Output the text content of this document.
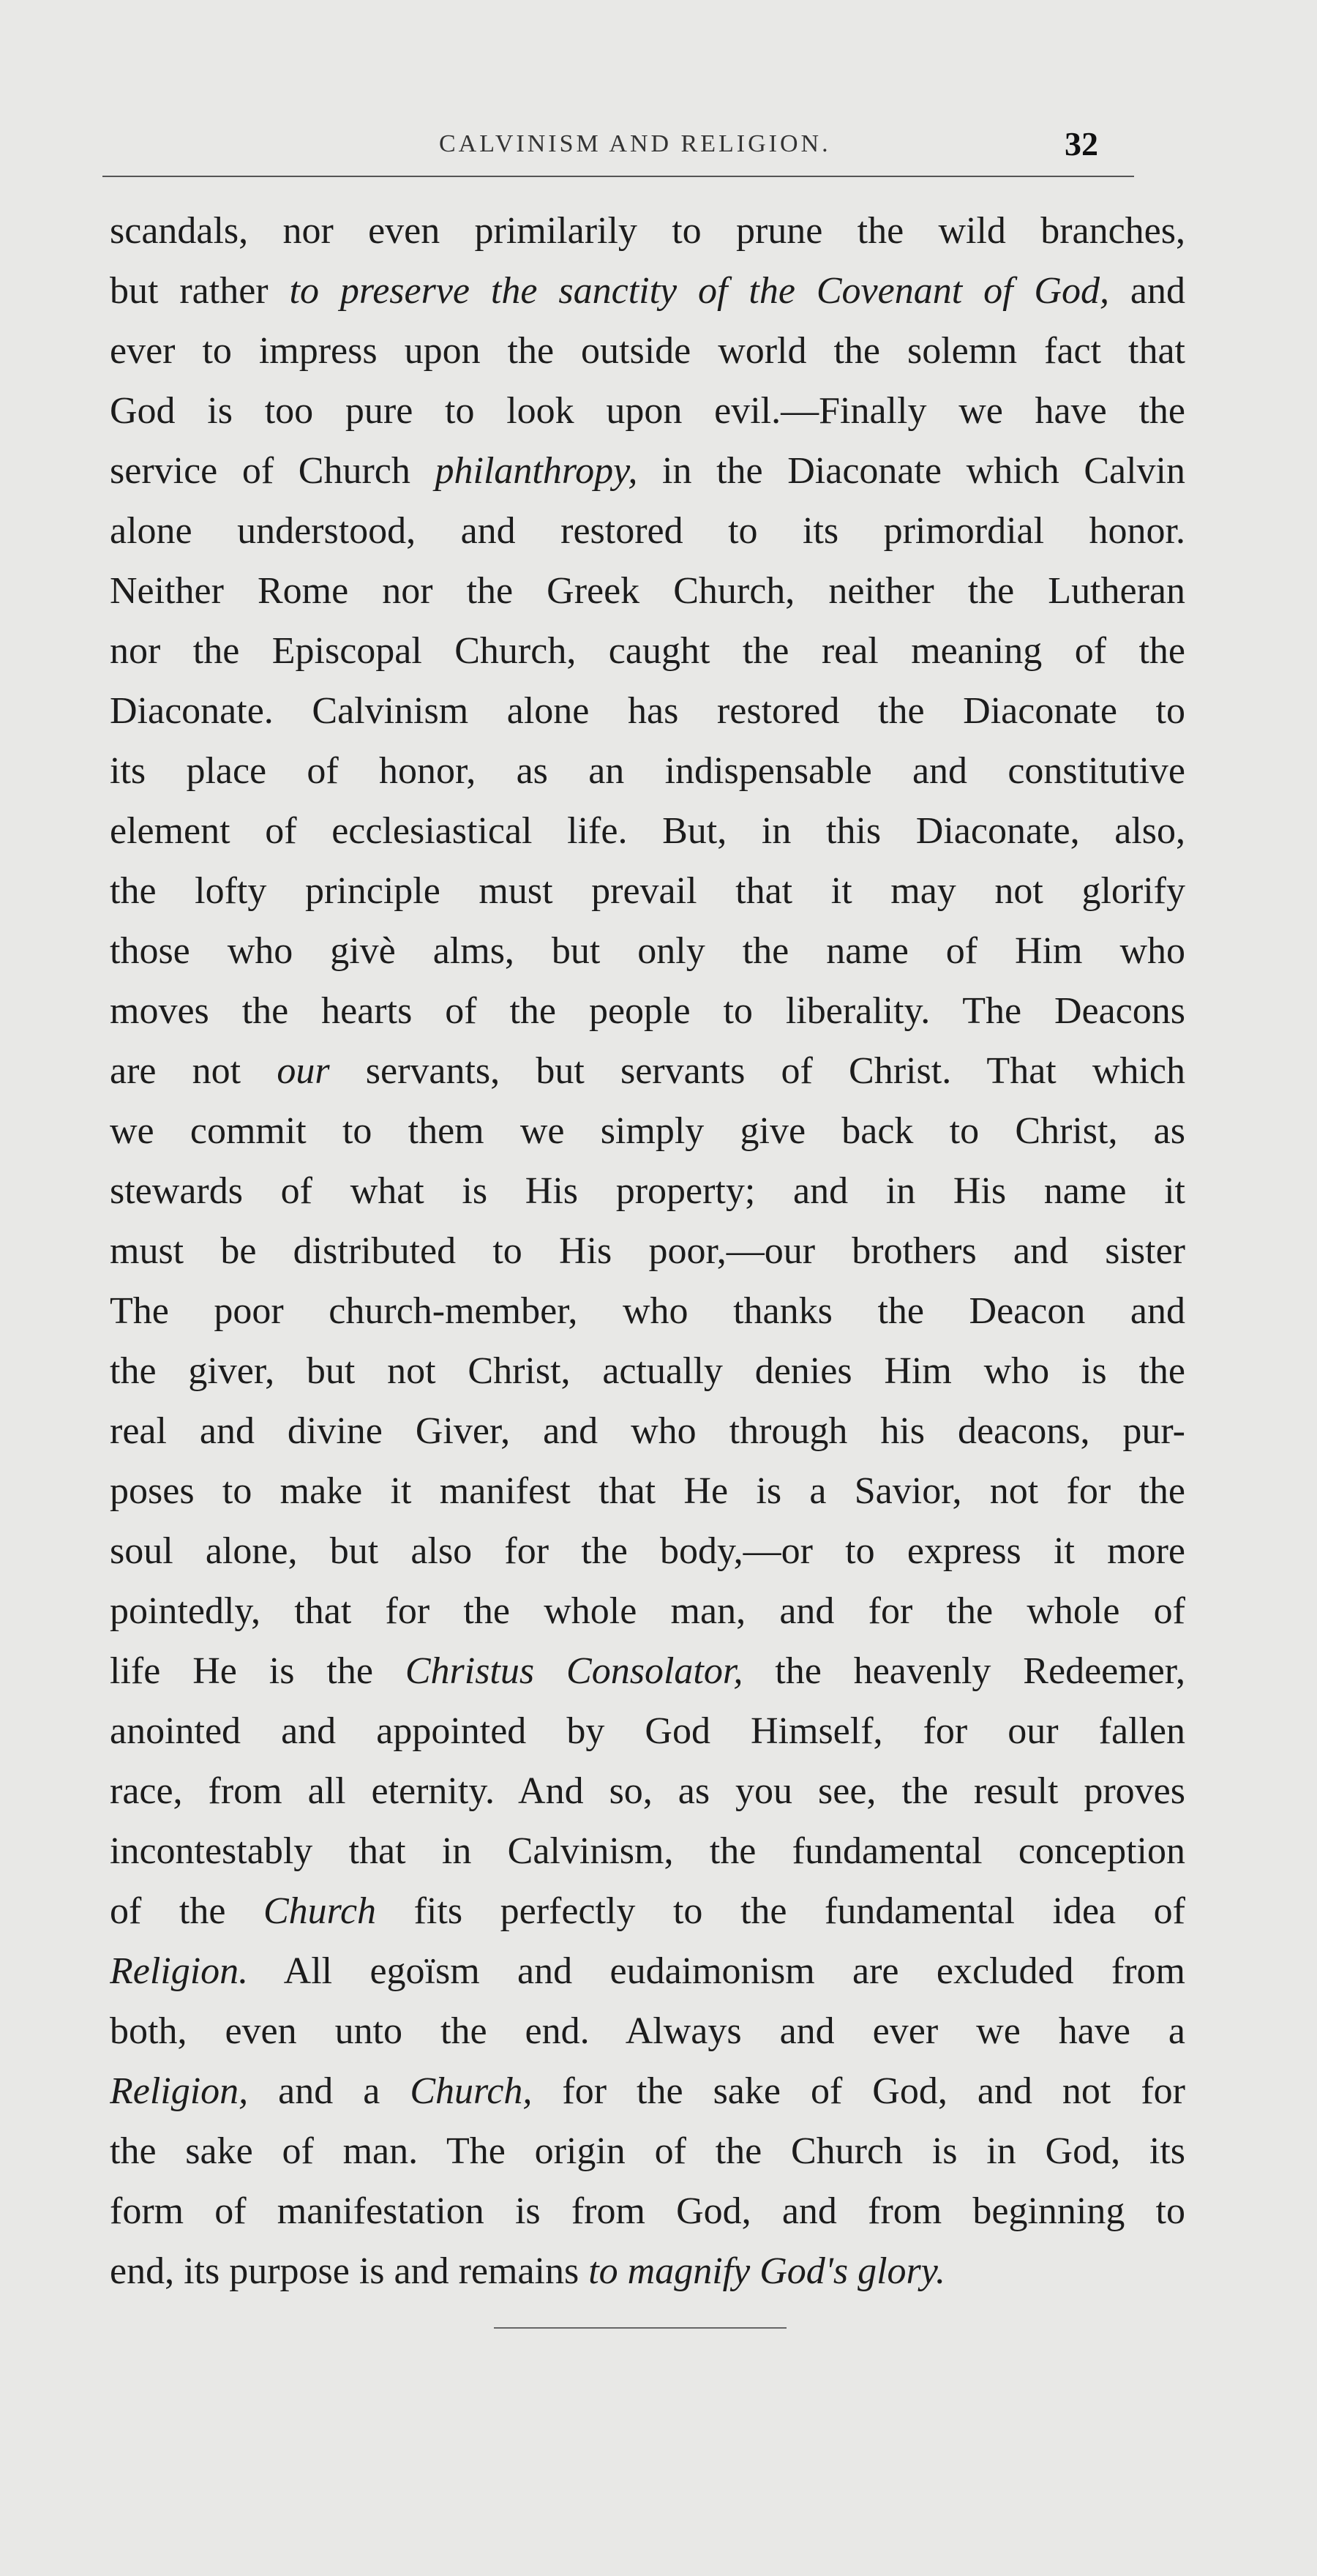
CALVINISM AND RELIGION.	32
scandals, nor even primilarily to prune the wild branches,
but rather to preserve the sanctity of the Covenant of God, and
ever to impress upon the outside world the solemn fact that
God is too pure to look upon evil.—Finally we have the
service of Church philanthropy, in the Diaconate which Calvin
alone understood, and restored to its primordial honor.
Neither Rome nor the Greek Church, neither the Lutheran
nor the Episcopal Church, caught the real meaning of the
Diaconate. Calvinism alone has restored the Diaconate to
its place of honor, as an indispensable and constitutive
element of ecclesiastical life. But, in this Diaconate, also,
the lofty principle must prevail that it may not glorify
those who givè alms, but only the name of Him who
moves the hearts of the people to liberality. The Deacons
are not our servants, but servants of Christ. That which
we commit to them we simply give back to Christ, as
stewards of what is His property; and in His name it
must be distributed to His poor,—our brothers and sister
The poor church-member, who thanks the Deacon and
the giver, but not Christ, actually denies Him who is the
real and divine Giver, and who through his deacons, pur-
poses to make it manifest that He is a Savior, not for the
soul alone, but also for the body,—or to express it more
pointedly, that for the whole man, and for the whole of
life He is the Christus Consolator, the heavenly Redeemer,
anointed and appointed by God Himself, for our fallen
race, from all eternity. And so, as you see, the result proves
incontestably that in Calvinism, the fundamental conception
of the Church fits perfectly to the fundamental idea of
Religion. All egoïsm and eudaimonism are excluded from
both, even unto the end. Always and ever we have a
Religion, and a Church, for the sake of God, and not for
the sake of man. The origin of the Church is in God, its
form of manifestation is from God, and from beginning to
end, its purpose is and remains to magnify God's glory.
